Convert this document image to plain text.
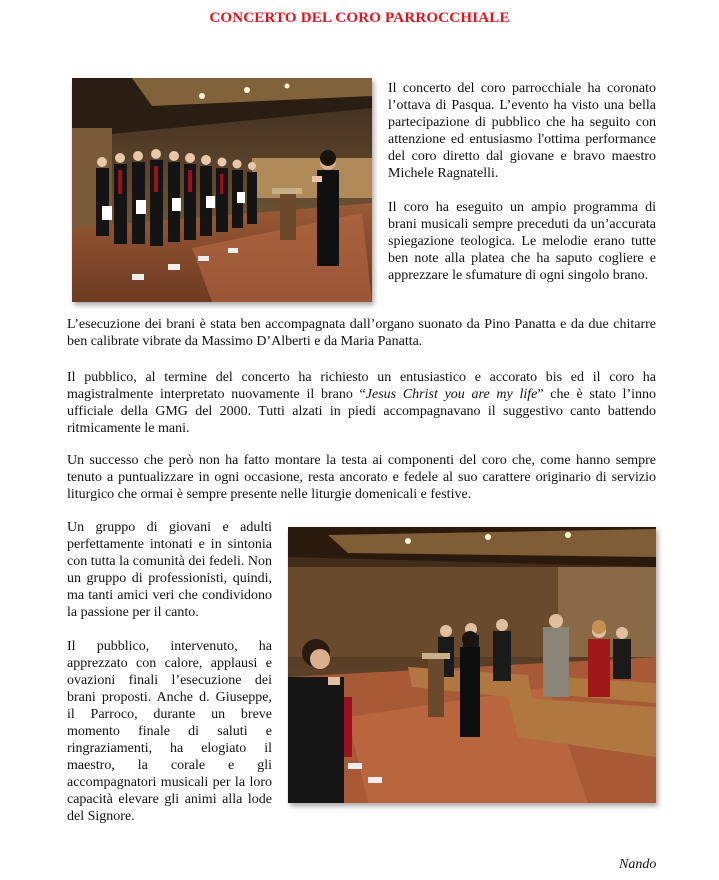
CONCERTO DEL CORO PARROCCHIALE

Il concerto del coro parrocchiale ha coronato l’ottava di Pasqua. L’evento ha visto una bella partecipazione di pubblico che ha seguito con attenzione ed entusiasmo l'ottima performance del coro diretto dal giovane e bravo maestro Michele Ragnatelli.

Il coro ha eseguito un ampio programma di brani musicali sempre preceduti da un’accurata spiegazione teologica. Le melodie erano tutte ben note alla platea che ha saputo cogliere e apprezzare le sfumature di ogni singolo brano.

L’esecuzione dei brani è stata ben accompagnata dall’organo suonato da Pino Panatta e da due chitarre ben calibrate vibrate da Massimo D’Alberti e da Maria Panatta.

Il pubblico, al termine del concerto ha richiesto un entusiastico e accorato bis ed il coro ha magistralmente interpretato nuovamente il brano “Jesus Christ you are my life” che è stato l’inno ufficiale della GMG del 2000. Tutti alzati in piedi accompagnavano il suggestivo canto battendo ritmicamente le mani.

Un successo che però non ha fatto montare la testa ai componenti del coro che, come hanno sempre tenuto a puntualizzare in ogni occasione, resta ancorato e fedele al suo carattere originario di servizio liturgico che ormai è sempre presente nelle liturgie domenicali e festive.

Un gruppo di giovani e adulti perfettamente intonati e in sintonia con tutta la comunità dei fedeli. Non un gruppo di professionisti, quindi, ma tanti amici veri che condividono la passione per il canto.

Il pubblico, intervenuto, ha apprezzato con calore, applausi e ovazioni finali l’esecuzione dei brani proposti. Anche d. Giuseppe, il Parroco, durante un breve momento finale di saluti e ringraziamenti, ha elogiato il maestro, la corale e gli accompagnatori musicali per la loro capacità elevare gli animi alla lode del Signore.

Nando
